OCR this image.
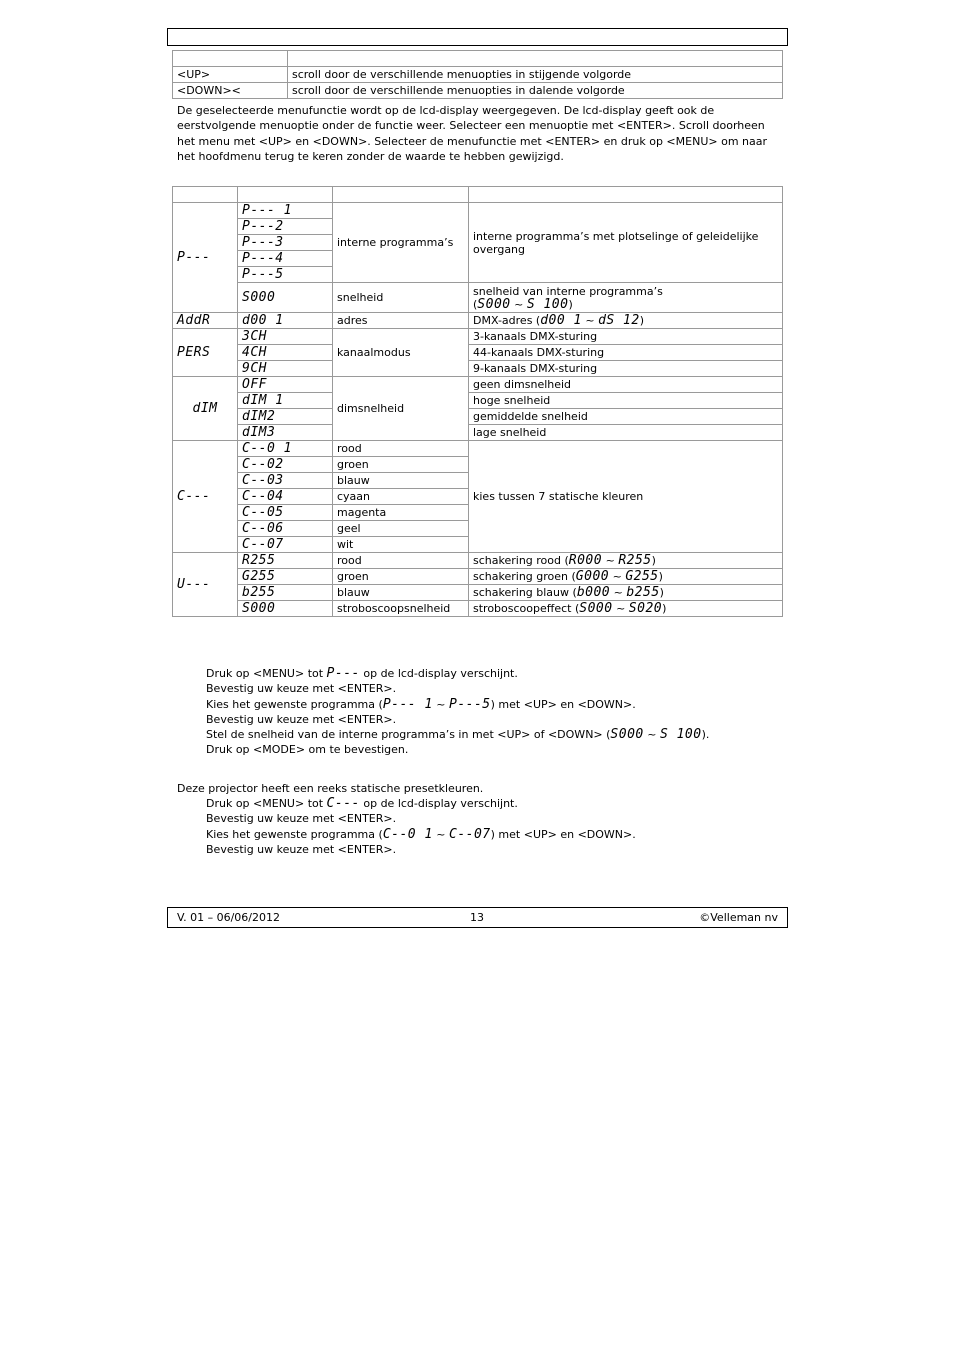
<UP>	scroll door de verschillende menuopties in stijgende volgorde
<DOWN><	scroll door de verschillende menuopties in dalende volgorde

De geselecteerde menufunctie wordt op de lcd-display weergegeven. De lcd-display geeft ook de eerstvolgende menuoptie onder de functie weer. Selecteer een menuoptie met <ENTER>. Scroll doorheen het menu met <UP> en <DOWN>. Selecteer de menufunctie met <ENTER> en druk op <MENU> om naar het hoofdmenu terug te keren zonder de waarde te hebben gewijzigd.

P---	P--- 1	interne programma’s	interne programma’s met plotselinge of geleidelijke overgang
	P---2		
	P---3		
	P---4		
	P---5		
	S000	snelheid	snelheid van interne programma’s
(S000 ~ S 100)
AddR	d00 1	adres	DMX-adres (d00 1 ~ dS 12)
PERS	3CH	kanaalmodus	3-kanaals DMX-sturing
	4CH		44-kanaals DMX-sturing
	9CH		9-kanaals DMX-sturing
dIM	OFF	dimsnelheid	geen dimsnelheid
	dIM 1		hoge snelheid
	dIM2		gemiddelde snelheid
	dIM3		lage snelheid
C---	C--0 1	rood	kies tussen 7 statische kleuren
	C--02	groen	
	C--03	blauw	
	C--04	cyaan	
	C--05	magenta	
	C--06	geel	
	C--07	wit	
U---	R255	rood	schakering rood (R000 ~ R255)
	G255	groen	schakering groen (G000 ~ G255)
	b255	blauw	schakering blauw (b000 ~ b255)
	S000	stroboscoopsnelheid	stroboscoopeffect (S000 ~ S020)
Druk op <MENU> tot P--- op de lcd-display verschijnt.
Bevestig uw keuze met <ENTER>.
Kies het gewenste programma (P--- 1 ~ P---5) met <UP> en <DOWN>.
Bevestig uw keuze met <ENTER>.
Stel de snelheid van de interne programma’s in met <UP> of <DOWN> (S000 ~ S 100).
Druk op <MODE> om te bevestigen.

Deze projector heeft een reeks statische presetkleuren.

Druk op <MENU> tot C--- op de lcd-display verschijnt.
Bevestig uw keuze met <ENTER>.
Kies het gewenste programma (C--0 1 ~ C--07) met <UP> en <DOWN>.
Bevestig uw keuze met <ENTER>.
V. 01 – 06/06/2012	13	©Velleman nv
